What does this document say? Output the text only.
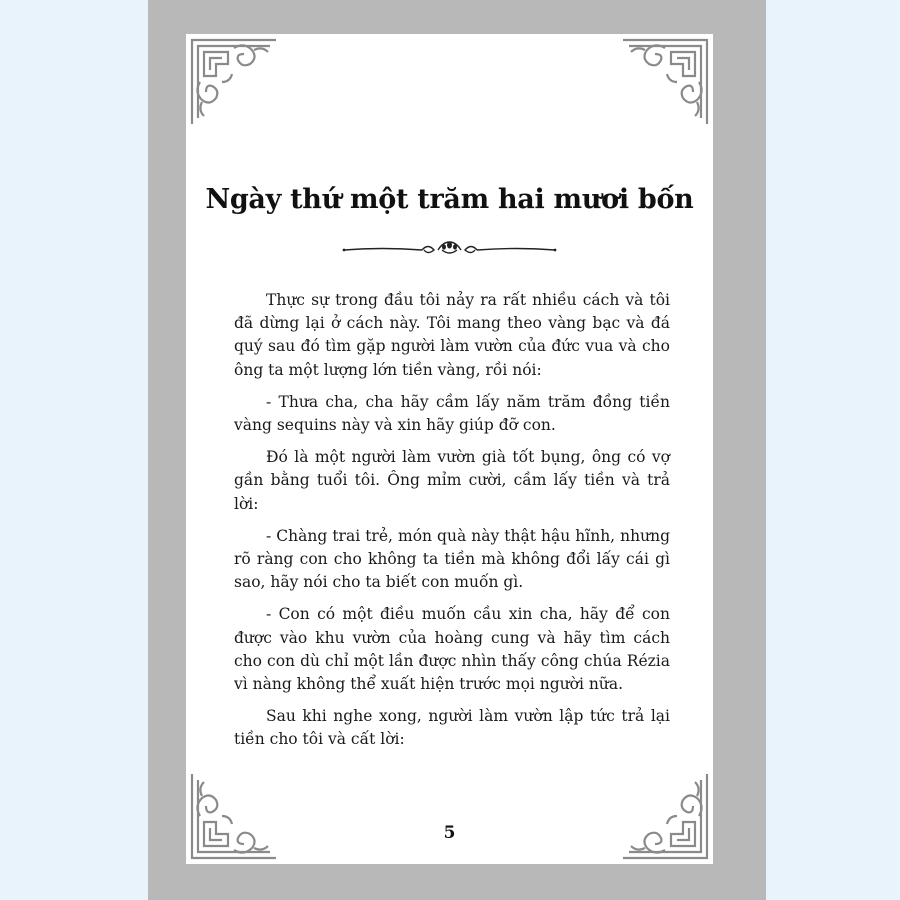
Ngày thứ một trăm hai mươi bốn

Thực sự trong đầu tôi nảy ra rất nhiều cách và tôi đã dừng lại ở cách này. Tôi mang theo vàng bạc và đá quý sau đó tìm gặp người làm vườn của đức vua và cho ông ta một lượng lớn tiền vàng, rồi nói:

- Thưa cha, cha hãy cầm lấy năm trăm đồng tiền vàng sequins này và xin hãy giúp đỡ con.

Đó là một người làm vườn già tốt bụng, ông có vợ gần bằng tuổi tôi. Ông mỉm cười, cầm lấy tiền và trả lời:

- Chàng trai trẻ, món quà này thật hậu hĩnh, nhưng rõ ràng con cho không ta tiền mà không đổi lấy cái gì sao, hãy nói cho ta biết con muốn gì.

- Con có một điều muốn cầu xin cha, hãy để con được vào khu vườn của hoàng cung và hãy tìm cách cho con dù chỉ một lần được nhìn thấy công chúa Rézia vì nàng không thể xuất hiện trước mọi người nữa.

Sau khi nghe xong, người làm vườn lập tức trả lại tiền cho tôi và cất lời:

5
